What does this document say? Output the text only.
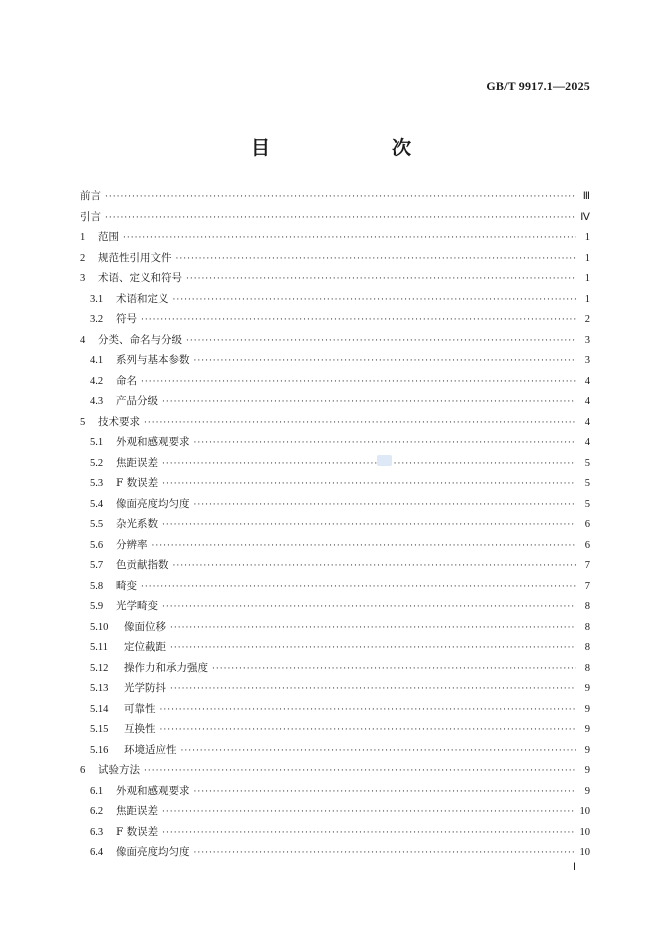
GB/T 9917.1—2025
目　　次
前言 ·····	Ⅲ
引言 ·····	Ⅳ
1	范围 ·····	1
2	规范性引用文件 ·····	1
3	术语、定义和符号 ·····	1
3.1	术语和定义 ·····	1
3.2	符号 ·····	2
4	分类、命名与分级 ·····	3
4.1	系列与基本参数 ·····	3
4.2	命名 ·····	4
4.3	产品分级 ·····	4
5	技术要求 ·····	4
5.1	外观和感观要求 ·····	4
5.2	焦距误差 ·····	5
5.3	F 数误差 ·····	5
5.4	像面亮度均匀度 ·····	5
5.5	杂光系数 ·····	6
5.6	分辨率 ·····	6
5.7	色贡献指数 ·····	7
5.8	畸变 ·····	7
5.9	光学畸变 ·····	8
5.10	像面位移 ·····	8
5.11	定位截距 ·····	8
5.12	操作力和承力强度 ·····	8
5.13	光学防抖 ·····	9
5.14	可靠性 ·····	9
5.15	互换性 ·····	9
5.16	环境适应性 ·····	9
6	试验方法 ·····	9
6.1	外观和感观要求 ·····	9
6.2	焦距误差 ·····	10
6.3	F 数误差 ·····	10
6.4	像面亮度均匀度 ·····	10
Ⅰ
